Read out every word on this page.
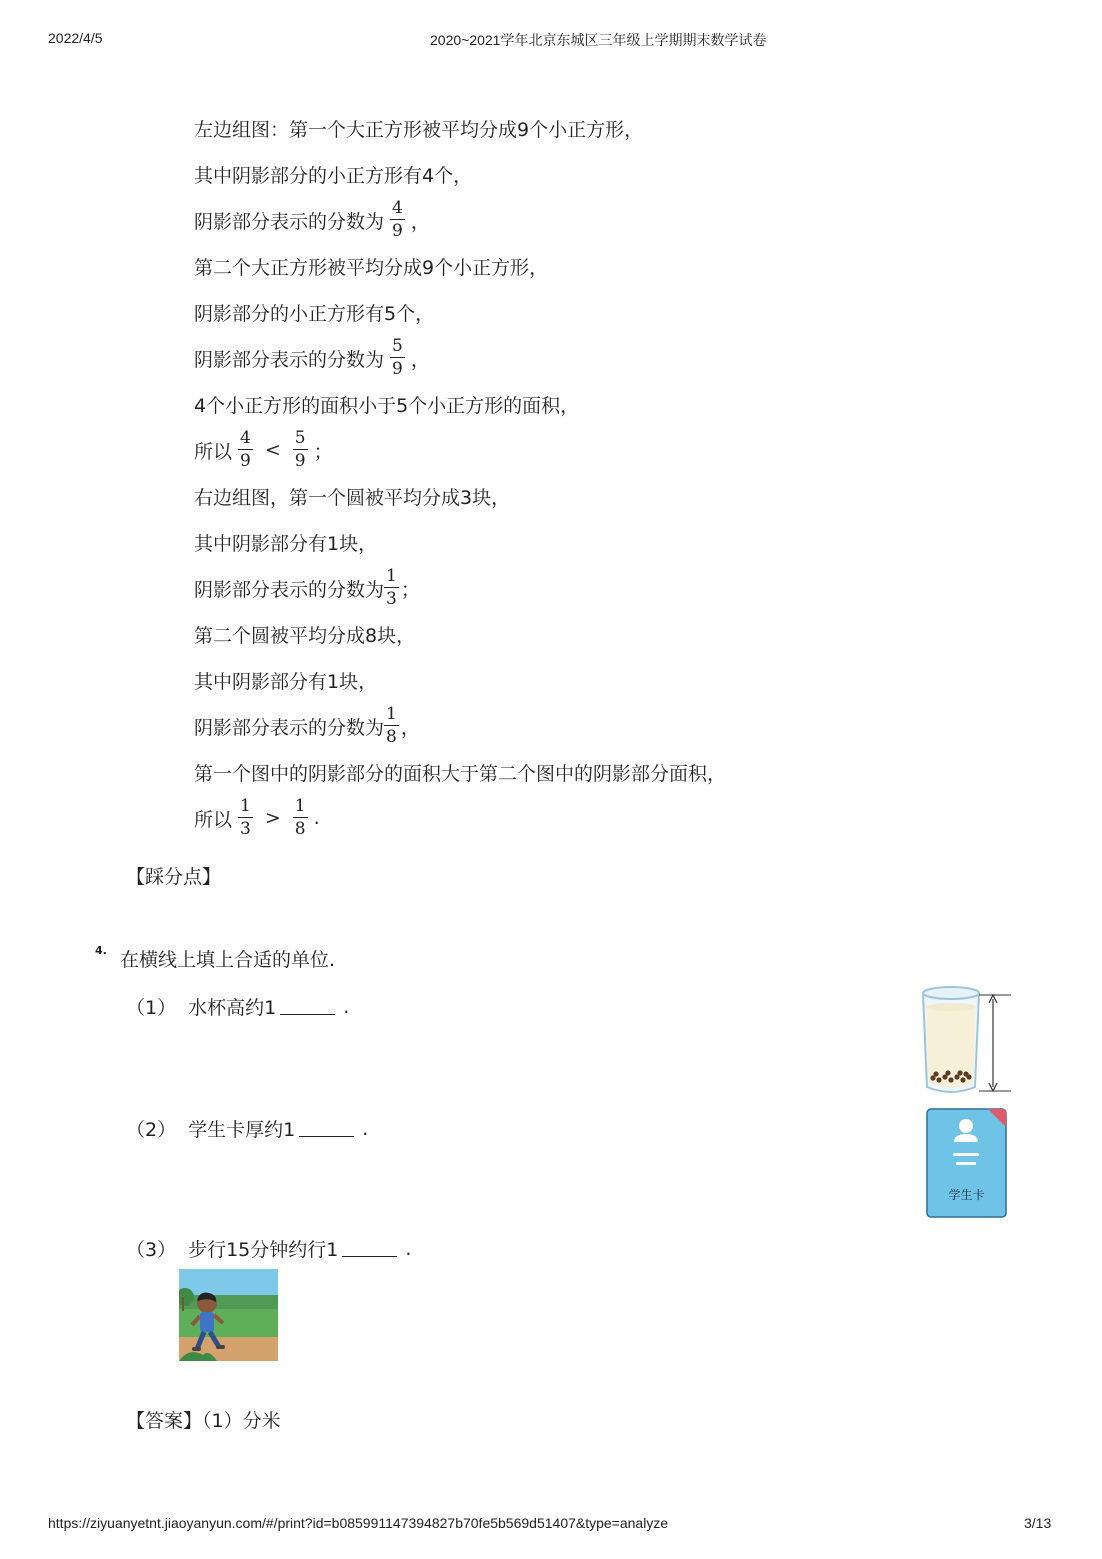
2022/4/5	2020~2021学年北京东城区三年级上学期期末数学试卷
左边组图：第一个大正方形被平均分成9个小正方形，
其中阴影部分的小正方形有4个，
阴影部分表示的分数为 $\frac{4}{9}$ ，
第二个大正方形被平均分成9个小正方形，
阴影部分的小正方形有5个，
阴影部分表示的分数为 $\frac{5}{9}$ ，
4个小正方形的面积小于5个小正方形的面积，
所以 $\frac{4}{9} < \frac{5}{9}$ ；
右边组图，第一个圆被平均分成3块，
其中阴影部分有1块，
阴影部分表示的分数为 $\frac{1}{3}$ ；
第二个圆被平均分成8块，
其中阴影部分有1块，
阴影部分表示的分数为 $\frac{1}{8}$ ，
第一个图中的阴影部分的面积大于第二个图中的阴影部分面积，
所以 $\frac{1}{3} > \frac{1}{8}$ .
【踩分点】
4. 在横线上填上合适的单位.
（1） 水杯高约1	.
（2） 学生卡厚约1	.
（3） 步行15分钟约行1	.
学生卡
【答案】（1）分米
https://ziyuanyetnt.jiaoyanyun.com/#/print?id=b085991147394827b70fe5b569d51407&type=analyze	3/13
